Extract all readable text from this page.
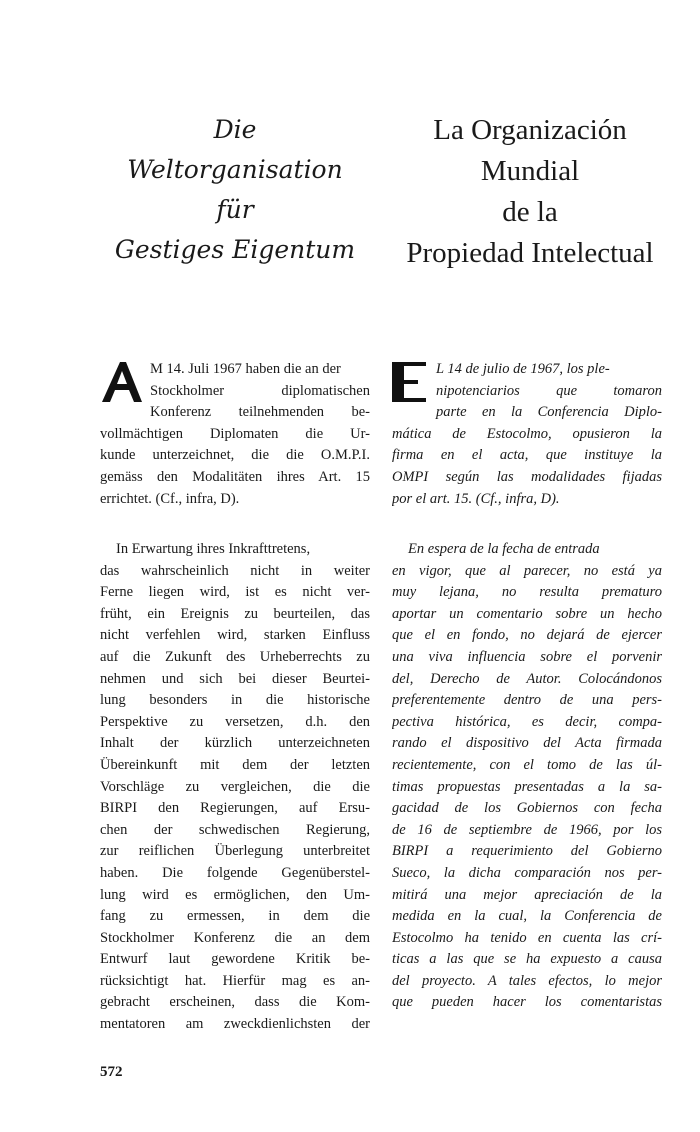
Die
Weltorganisation
für
Gestiges Eigentum
La Organización
Mundial
de la
Propiedad Intelectual
M 14. Juli 1967 haben die an der
Stockholmer diplomatischen
Konferenz teilnehmenden be-
vollmächtigen Diplomaten die Ur-
kunde unterzeichnet, die die O.M.P.I.
gemäss den Modalitäten ihres Art. 15
errichtet. (Cf., infra, D).
In Erwartung ihres Inkrafttretens,
das wahrscheinlich nicht in weiter
Ferne liegen wird, ist es nicht ver-
früht, ein Ereignis zu beurteilen, das
nicht verfehlen wird, starken Einfluss
auf die Zukunft des Urheberrechts zu
nehmen und sich bei dieser Beurtei-
lung besonders in die historische
Perspektive zu versetzen, d.h. den
Inhalt der kürzlich unterzeichneten
Übereinkunft mit dem der letzten
Vorschläge zu vergleichen, die die
BIRPI den Regierungen, auf Ersu-
chen der schwedischen Regierung,
zur reiflichen Überlegung unterbreitet
haben. Die folgende Gegenüberstel-
lung wird es ermöglichen, den Um-
fang zu ermessen, in dem die
Stockholmer Konferenz die an dem
Entwurf laut gewordene Kritik be-
rücksichtigt hat. Hierfür mag es an-
gebracht erscheinen, dass die Kom-
mentatoren am zweckdienlichsten der
L 14 de julio de 1967, los ple-
nipotenciarios que tomaron
parte en la Conferencia Diplo-
mática de Estocolmo, opusieron la
firma en el acta, que instituye la
OMPI según las modalidades fijadas
por el art. 15. (Cf., infra, D).
En espera de la fecha de entrada
en vigor, que al parecer, no está ya
muy lejana, no resulta prematuro
aportar un comentario sobre un hecho
que el en fondo, no dejará de ejercer
una viva influencia sobre el porvenir
del, Derecho de Autor. Colocándonos
preferentemente dentro de una pers-
pectiva histórica, es decir, compa-
rando el dispositivo del Acta firmada
recientemente, con el tomo de las úl-
timas propuestas presentadas a la sa-
gacidad de los Gobiernos con fecha
de 16 de septiembre de 1966, por los
BIRPI a requerimiento del Gobierno
Sueco, la dicha comparación nos per-
mitirá una mejor apreciación de la
medida en la cual, la Conferencia de
Estocolmo ha tenido en cuenta las crí-
ticas a las que se ha expuesto a causa
del proyecto. A tales efectos, lo mejor
que pueden hacer los comentaristas
572
